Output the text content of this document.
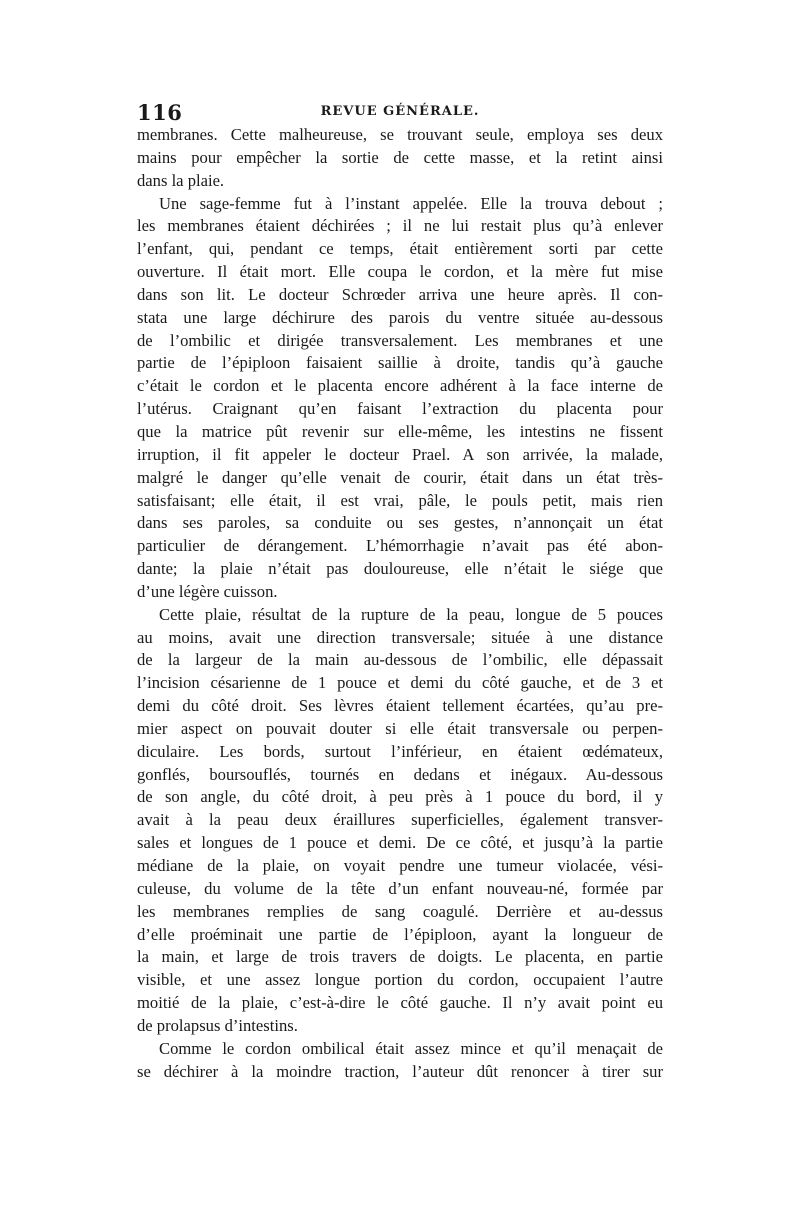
116	REVUE GÉNÉRALE.
membranes. Cette malheureuse, se trouvant seule, employa ses deux
mains pour empêcher la sortie de cette masse, et la retint ainsi
dans la plaie.
Une sage-femme fut à l’instant appelée. Elle la trouva debout ;
les membranes étaient déchirées ; il ne lui restait plus qu’à enlever
l’enfant, qui, pendant ce temps, était entièrement sorti par cette
ouverture. Il était mort. Elle coupa le cordon, et la mère fut mise
dans son lit. Le docteur Schrœder arriva une heure après. Il con-
stata une large déchirure des parois du ventre située au-dessous
de l’ombilic et dirigée transversalement. Les membranes et une
partie de l’épiploon faisaient saillie à droite, tandis qu’à gauche
c’était le cordon et le placenta encore adhérent à la face interne de
l’utérus. Craignant qu’en faisant l’extraction du placenta pour
que la matrice pût revenir sur elle-même, les intestins ne fissent
irruption, il fit appeler le docteur Prael. A son arrivée, la malade,
malgré le danger qu’elle venait de courir, était dans un état très-
satisfaisant; elle était, il est vrai, pâle, le pouls petit, mais rien
dans ses paroles, sa conduite ou ses gestes, n’annonçait un état
particulier de dérangement. L’hémorrhagie n’avait pas été abon-
dante; la plaie n’était pas douloureuse, elle n’était le siége que
d’une légère cuisson.
Cette plaie, résultat de la rupture de la peau, longue de 5 pouces
au moins, avait une direction transversale; située à une distance
de la largeur de la main au-dessous de l’ombilic, elle dépassait
l’incision césarienne de 1 pouce et demi du côté gauche, et de 3 et
demi du côté droit. Ses lèvres étaient tellement écartées, qu’au pre-
mier aspect on pouvait douter si elle était transversale ou perpen-
diculaire. Les bords, surtout l’inférieur, en étaient œdémateux,
gonflés, boursouflés, tournés en dedans et inégaux. Au-dessous
de son angle, du côté droit, à peu près à 1 pouce du bord, il y
avait à la peau deux éraillures superficielles, également transver-
sales et longues de 1 pouce et demi. De ce côté, et jusqu’à la partie
médiane de la plaie, on voyait pendre une tumeur violacée, vési-
culeuse, du volume de la tête d’un enfant nouveau-né, formée par
les membranes remplies de sang coagulé. Derrière et au-dessus
d’elle proéminait une partie de l’épiploon, ayant la longueur de
la main, et large de trois travers de doigts. Le placenta, en partie
visible, et une assez longue portion du cordon, occupaient l’autre
moitié de la plaie, c’est-à-dire le côté gauche. Il n’y avait point eu
de prolapsus d’intestins.
Comme le cordon ombilical était assez mince et qu’il menaçait de
se déchirer à la moindre traction, l’auteur dût renoncer à tirer sur
